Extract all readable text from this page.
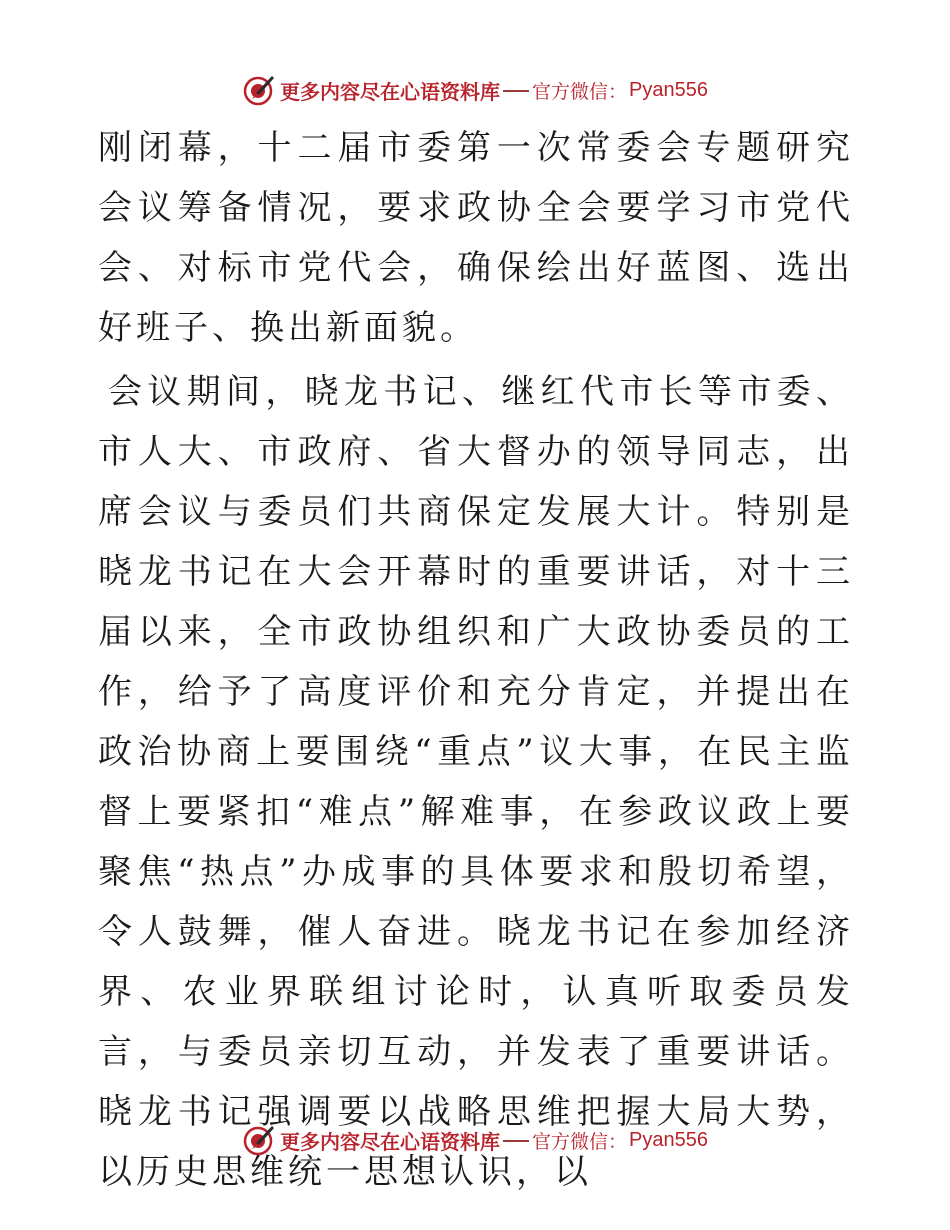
更多内容尽在心语资料库 官方微信： Pyan556

刚闭幕，十二届市委第一次常委会专题研究会议筹备情况，要求政协全会要学习市党代会、对标市党代会，确保绘出好蓝图、选出好班子、换出新面貌。

会议期间，晓龙书记、继红代市长等市委、市人大、市政府、省大督办的领导同志，出席会议与委员们共商保定发展大计。特别是晓龙书记在大会开幕时的重要讲话，对十三届以来，全市政协组织和广大政协委员的工作，给予了高度评价和充分肯定，并提出在政治协商上要围绕“重点”议大事，在民主监督上要紧扣“难点”解难事，在参政议政上要聚焦“热点”办成事的具体要求和殷切希望，令人鼓舞，催人奋进。晓龙书记在参加经济界、农业界联组讨论时，认真听取委员发言，与委员亲切互动，并发表了重要讲话。晓龙书记强调要以战略思维把握大局大势，以历史思维统一思想认识，以

更多内容尽在心语资料库 官方微信： Pyan556
